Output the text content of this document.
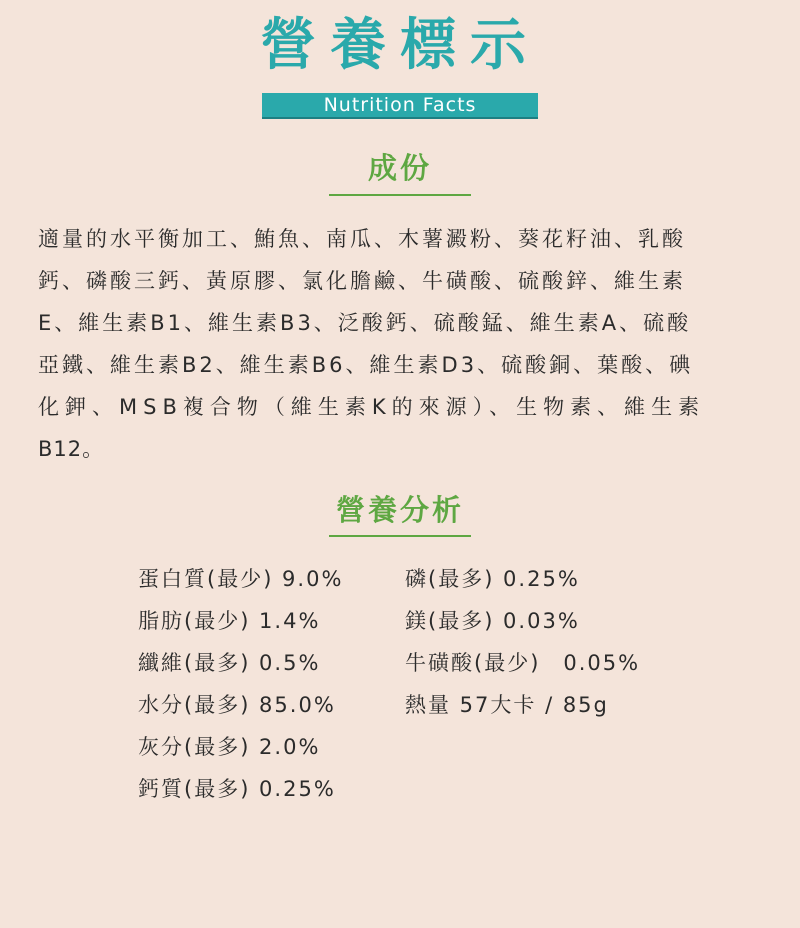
營養標示
Nutrition Facts
成份
適量的水平衡加工、鮪魚、南瓜、木薯澱粉、葵花籽油、乳酸
鈣、磷酸三鈣、黃原膠、氯化膽鹼、牛磺酸、硫酸鋅、維生素
E、維生素B1、維生素B3、泛酸鈣、硫酸錳、維生素A、硫酸
亞鐵、維生素B2、維生素B6、維生素D3、硫酸銅、葉酸、碘
化鉀、MSB複合物（維生素K的來源）、生物素、維生素
B12。
營養分析
蛋白質(最少) 9.0%
脂肪(最少) 1.4%
纖維(最多) 0.5%
水分(最多) 85.0%
灰分(最多) 2.0%
鈣質(最多) 0.25%
磷(最多) 0.25%
鎂(最多) 0.03%
牛磺酸(最少)　0.05%
熱量 57大卡 / 85g
